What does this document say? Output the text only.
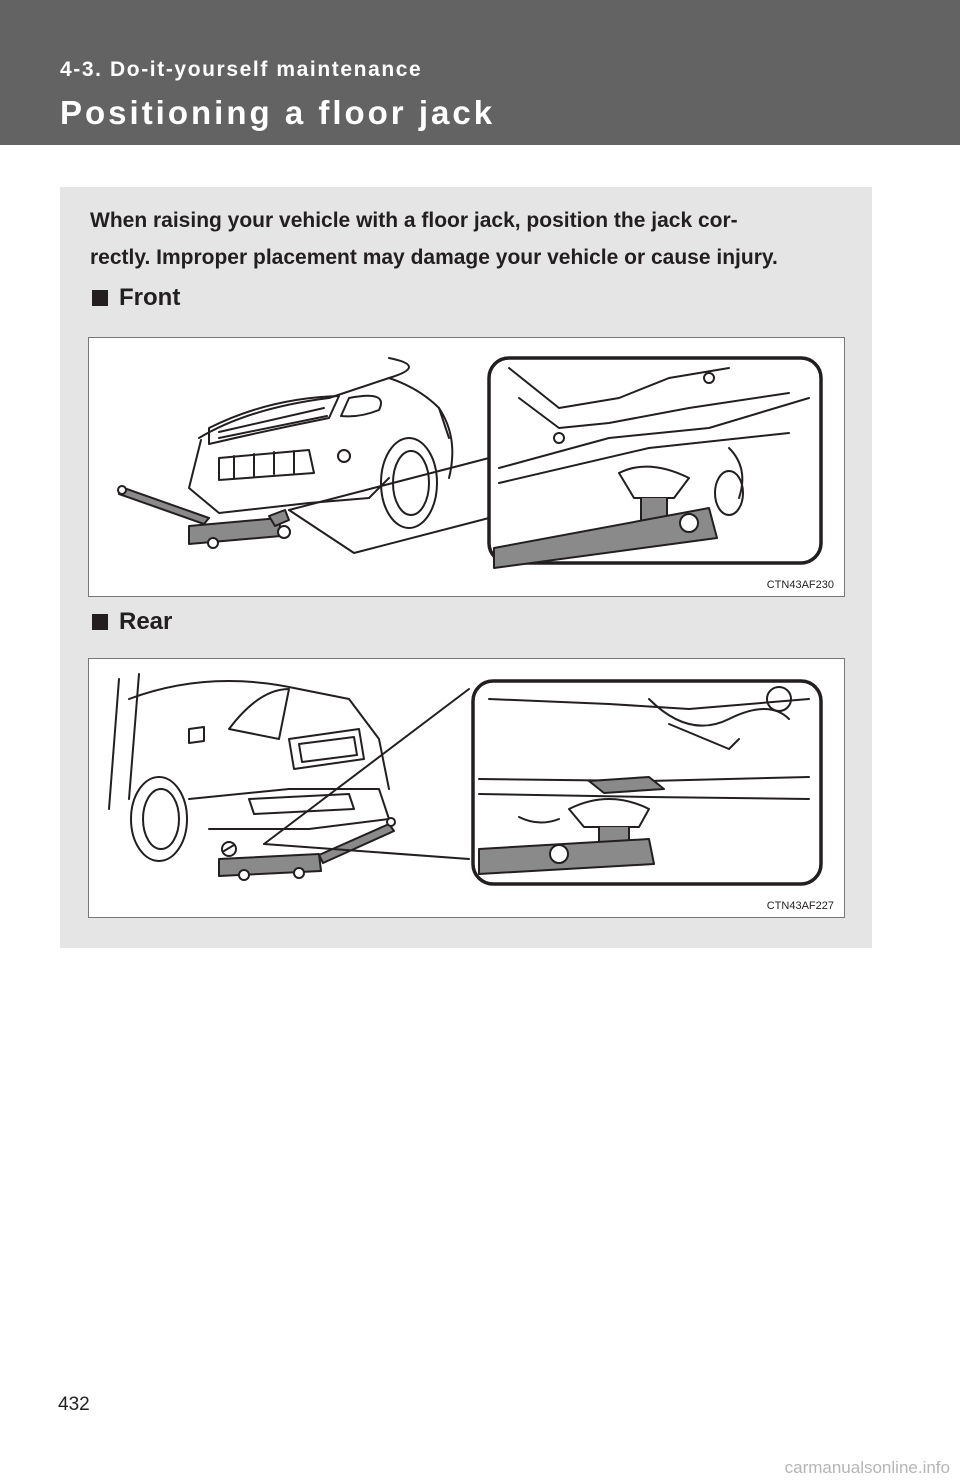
4-3. Do-it-yourself maintenance
Positioning a floor jack
When raising your vehicle with a floor jack, position the jack cor-
rectly. Improper placement may damage your vehicle or cause injury.
Front
CTN43AF230
Rear
CTN43AF227
432
carmanualsonline.info
